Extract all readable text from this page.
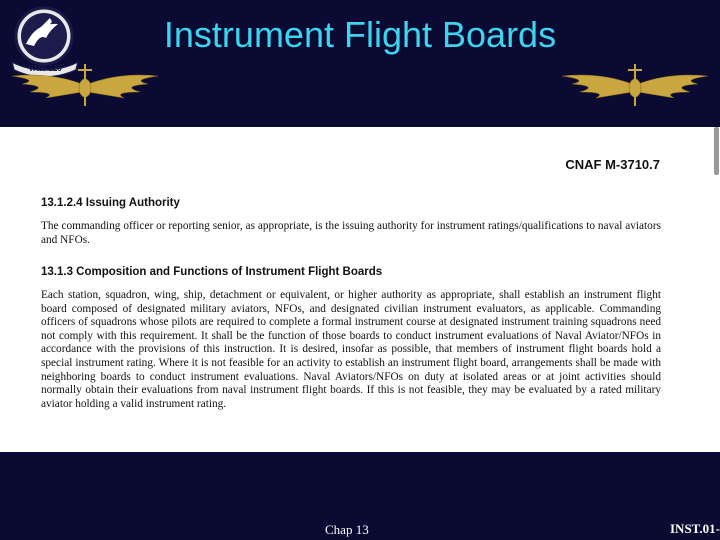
VAW-120
Instrument Flight Boards
CNAF M-3710.7
13.1.2.4 Issuing Authority

The commanding officer or reporting senior, as appropriate, is the issuing authority for instrument ratings/qualifications to naval aviators and NFOs.

13.1.3 Composition and Functions of Instrument Flight Boards

Each station, squadron, wing, ship, detachment or equivalent, or higher authority as appropriate, shall establish an instrument flight board composed of designated military aviators, NFOs, and designated civilian instrument evaluators, as applicable. Commanding officers of squadrons whose pilots are required to complete a formal instrument course at designated instrument training squadrons need not comply with this requirement. It shall be the function of those boards to conduct instrument evaluations of Naval Aviator/NFOs in accordance with the provisions of this instruction. It is desired, insofar as possible, that members of instrument flight boards hold a special instrument rating. Where it is not feasible for an activity to establish an instrument flight board, arrangements shall be made with neighboring boards to conduct instrument evaluations. Naval Aviators/NFOs on duty at isolated areas or at joint activities should normally obtain their evaluations from naval instrument flight boards. If this is not feasible, they may be evaluated by a rated military aviator holding a valid instrument rating.

Chap 13	INST.01-
